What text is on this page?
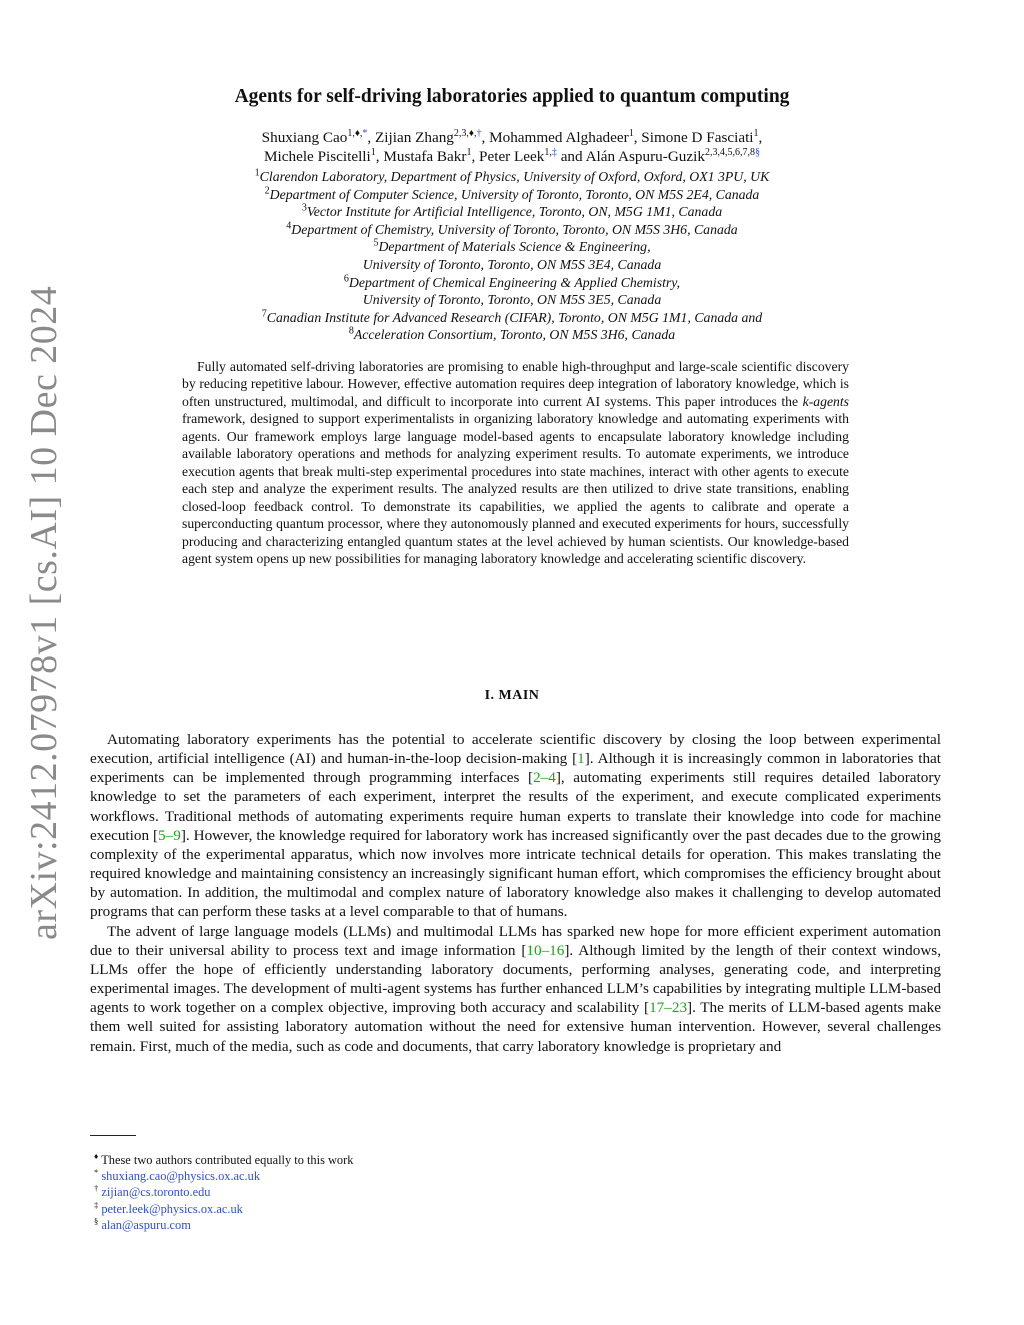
arXiv:2412.07978v1 [cs.AI] 10 Dec 2024
Agents for self-driving laboratories applied to quantum computing
Shuxiang Cao$^{1,♦,*}$, Zijian Zhang$^{2,3,♦,\dagger}$, Mohammed Alghadeer$^1$, Simone D Fasciati$^1$,
Michele Piscitelli$^1$, Mustafa Bakr$^1$, Peter Leek$^{1,\ddagger}$ and Alán Aspuru-Guzik$^{2,3,4,5,6,7,8\S}$
$^1$Clarendon Laboratory, Department of Physics, University of Oxford, Oxford, OX1 3PU, UK
$^2$Department of Computer Science, University of Toronto, Toronto, ON M5S 2E4, Canada
$^3$Vector Institute for Artificial Intelligence, Toronto, ON, M5G 1M1, Canada
$^4$Department of Chemistry, University of Toronto, Toronto, ON M5S 3H6, Canada
$^5$Department of Materials Science & Engineering,
University of Toronto, Toronto, ON M5S 3E4, Canada
$^6$Department of Chemical Engineering & Applied Chemistry,
University of Toronto, Toronto, ON M5S 3E5, Canada
$^7$Canadian Institute for Advanced Research (CIFAR), Toronto, ON M5G 1M1, Canada and
$^8$Acceleration Consortium, Toronto, ON M5S 3H6, Canada

Fully automated self-driving laboratories are promising to enable high-throughput and large-scale scientific discovery by reducing repetitive labour. However, effective automation requires deep integration of laboratory knowledge, which is often unstructured, multimodal, and difficult to incorporate into current AI systems. This paper introduces the k-agents framework, designed to support experimentalists in organizing laboratory knowledge and automating experiments with agents. Our framework employs large language model-based agents to encapsulate laboratory knowledge including available laboratory operations and methods for analyzing experiment results. To automate experiments, we introduce execution agents that break multi-step experimental procedures into state machines, interact with other agents to execute each step and analyze the experiment results. The analyzed results are then utilized to drive state transitions, enabling closed-loop feedback control. To demonstrate its capabilities, we applied the agents to calibrate and operate a superconducting quantum processor, where they autonomously planned and executed experiments for hours, successfully producing and characterizing entangled quantum states at the level achieved by human scientists. Our knowledge-based agent system opens up new possibilities for managing laboratory knowledge and accelerating scientific discovery.

I. MAIN

Automating laboratory experiments has the potential to accelerate scientific discovery by closing the loop between experimental execution, artificial intelligence (AI) and human-in-the-loop decision-making [1]. Although it is increasingly common in laboratories that experiments can be implemented through programming interfaces [2–4], automating experiments still requires detailed laboratory knowledge to set the parameters of each experiment, interpret the results of the experiment, and execute complicated experiments workflows. Traditional methods of automating experiments require human experts to translate their knowledge into code for machine execution [5–9]. However, the knowledge required for laboratory work has increased significantly over the past decades due to the growing complexity of the experimental apparatus, which now involves more intricate technical details for operation. This makes translating the required knowledge and maintaining consistency an increasingly significant human effort, which compromises the efficiency brought about by automation. In addition, the multimodal and complex nature of laboratory knowledge also makes it challenging to develop automated programs that can perform these tasks at a level comparable to that of humans.

The advent of large language models (LLMs) and multimodal LLMs has sparked new hope for more efficient experiment automation due to their universal ability to process text and image information [10–16]. Although limited by the length of their context windows, LLMs offer the hope of efficiently understanding laboratory documents, performing analyses, generating code, and interpreting experimental images. The development of multi-agent systems has further enhanced LLM’s capabilities by integrating multiple LLM-based agents to work together on a complex objective, improving both accuracy and scalability [17–23]. The merits of LLM-based agents make them well suited for assisting laboratory automation without the need for extensive human intervention. However, several challenges remain. First, much of the media, such as code and documents, that carry laboratory knowledge is proprietary and

♦ These two authors contributed equally to this work
* shuxiang.cao@physics.ox.ac.uk
† zijian@cs.toronto.edu
‡ peter.leek@physics.ox.ac.uk
§ alan@aspuru.com
